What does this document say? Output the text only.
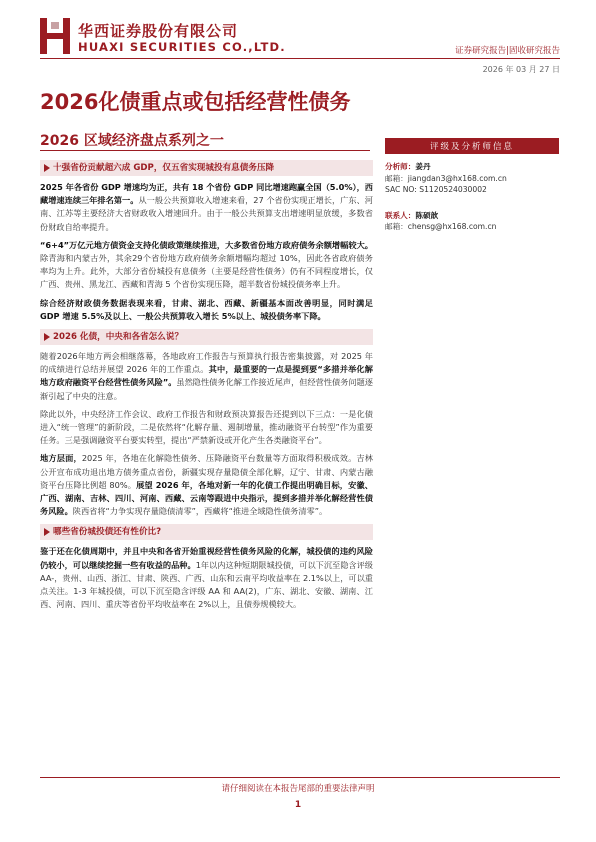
华西证券股份有限公司
HUAXI SECURITIES CO.,LTD.	证券研究报告|固收研究报告
2026 年 03 月 27 日
2026化债重点或包括经营性债务
2026 区域经济盘点系列之一
十强省份贡献超六成 GDP，仅五省实现城投有息债务压降
2025 年各省份 GDP 增速均为正，共有 18 个省份 GDP 同比增速跑赢全国（5.0%），西藏增速连续三年排名第一。从一般公共预算收入增速来看，27 个省份实现正增长，广东、河南、江苏等主要经济大省财政收入增速回升。由于一般公共预算支出增速明显放缓，多数省份财政自给率提升。
“6+4”万亿元地方债资金支持化债政策继续推进，大多数省份地方政府债务余额增幅较大。除青海和内蒙古外，其余29个省份地方政府债务余额增幅均超过 10%，因此各省政府债务率均为上升。此外，大部分省份城投有息债务（主要是经营性债务）仍有不同程度增长，仅广西、贵州、黑龙江、西藏和青海 5 个省份实现压降，超半数省份城投债务率上升。
综合经济财政债务数据表现来看，甘肃、湖北、西藏、新疆基本面改善明显，同时满足 GDP 增速 5.5%及以上、一般公共预算收入增长 5%以上、城投债务率下降。
2026 化债，中央和各省怎么说？
随着2026年地方两会相继落幕，各地政府工作报告与预算执行报告密集披露，对 2025 年的成绩进行总结并展望 2026 年的工作重点。其中，最重要的一点是提到要“多措并举化解地方政府融资平台经营性债务风险”。虽然隐性债务化解工作接近尾声，但经营性债务问题逐渐引起了中央的注意。
除此以外，中央经济工作会议、政府工作报告和财政预决算报告还提到以下三点：一是化债进入“统一管理”的新阶段，二是依然将“化解存量、遏制增量，推动融资平台转型”作为重要任务。三是强调融资平台要实转型，提出“严禁新设或开化产生各类融资平台”。
地方层面，2025 年，各地在化解隐性债务、压降融资平台数量等方面取得积极成效。吉林公开宣布成功退出地方债务重点省份，新疆实现存量隐债全部化解，辽宁、甘肃、内蒙古融资平台压降比例超 80%。展望 2026 年，各地对新一年的化债工作提出明确目标，安徽、广西、湖南、吉林、四川、河南、西藏、云南等跟进中央指示，提到多措并举化解经营性债务风险。陕西省将“力争实现存量隐债清零”，西藏将“推进全域隐性债务清零”。
哪些省份城投债还有性价比?
鉴于还在化债周期中，并且中央和各省开始重视经营性债务风险的化解，城投债的违约风险仍较小，可以继续挖掘一些有收益的品种。1年以内这种短期限城投债，可以下沉至隐含评级 AA-，贵州、山西、浙江、甘肃、陕西、广西、山东和云南平均收益率在 2.1%以上，可以重点关注。1-3 年城投债，可以下沉至隐含评级 AA 和 AA(2)，广东、湖北、安徽、湖南、江西、河南、四川、重庆等省份平均收益率在 2%以上，且债券规模较大。
评级及分析师信息
分析师：姜丹
邮箱：jiangdan3@hx168.com.cn
SAC NO: S1120524030002
联系人：陈硕歆
邮箱：chensg@hx168.com.cn
请仔细阅读在本报告尾部的重要法律声明
1
